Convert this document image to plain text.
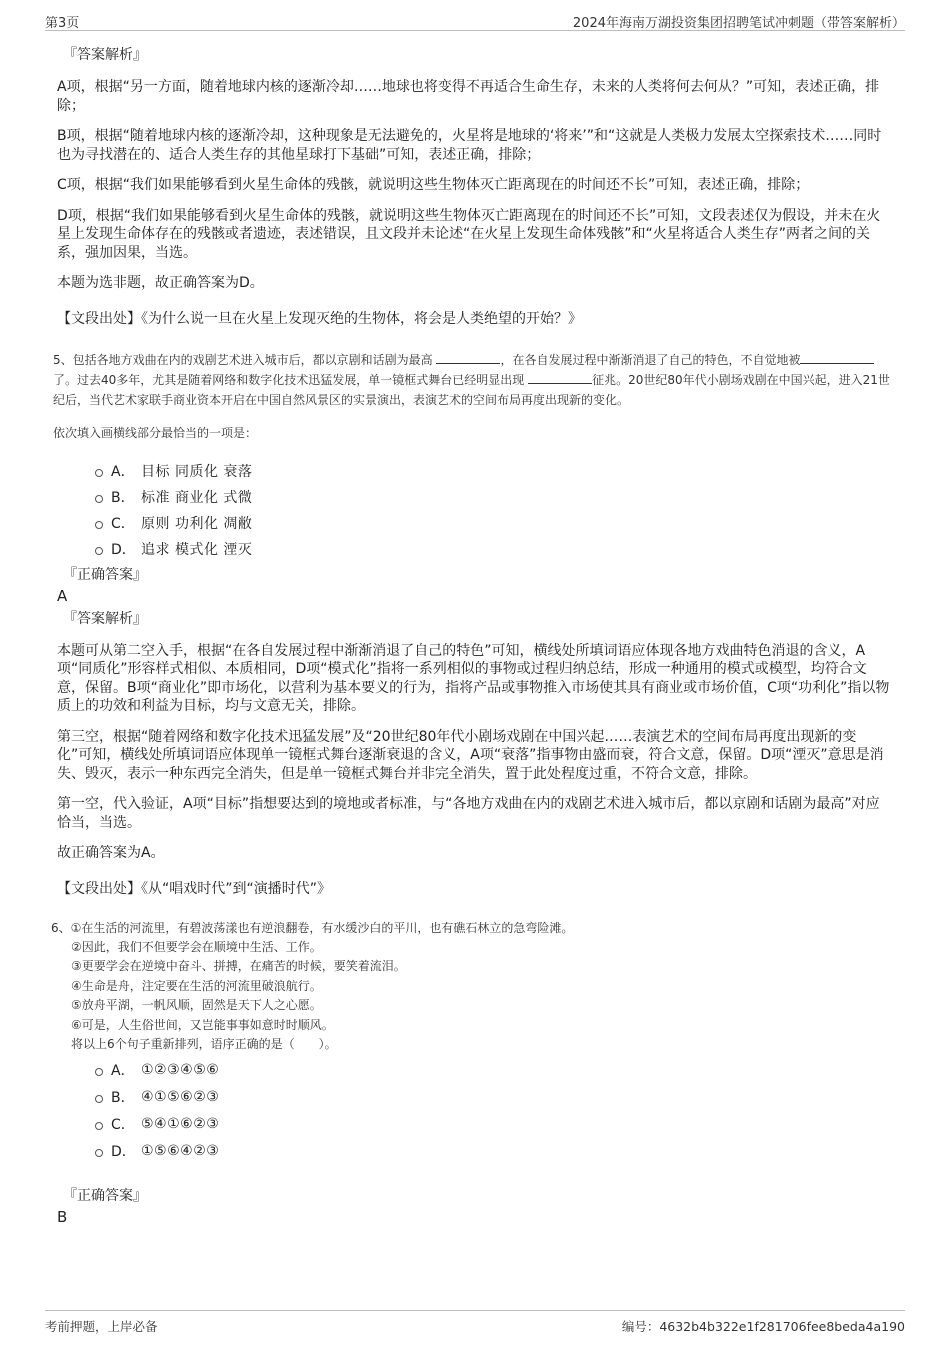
第3页	2024年海南万湖投资集团招聘笔试冲刺题（带答案解析）

『答案解析』

A项，根据“另一方面，随着地球内核的逐渐冷却……地球也将变得不再适合生命生存，未来的人类将何去何从？”可知，表述正确，排除；

B项，根据“随着地球内核的逐渐冷却，这种现象是无法避免的，火星将是地球的‘将来’”和“这就是人类极力发展太空探索技术……同时也为寻找潜在的、适合人类生存的其他星球打下基础”可知，表述正确，排除；

C项，根据“我们如果能够看到火星生命体的残骸，就说明这些生物体灭亡距离现在的时间还不长”可知，表述正确，排除；

D项，根据“我们如果能够看到火星生命体的残骸，就说明这些生物体灭亡距离现在的时间还不长”可知，文段表述仅为假设，并未在火星上发现生命体存在的残骸或者遗迹，表述错误，且文段并未论述“在火星上发现生命体残骸”和“火星将适合人类生存”两者之间的关系，强加因果，当选。

本题为选非题，故正确答案为D。

【文段出处】《为什么说一旦在火星上发现灭绝的生物体，将会是人类绝望的开始？》

5、包括各地方戏曲在内的戏剧艺术进入城市后，都以京剧和话剧为最高	，在各自发展过程中渐渐消退了自己的特色，不自觉地被了。过去40多年，尤其是随着网络和数字化技术迅猛发展，单一镜框式舞台已经明显出现	征兆。20世纪80年代小剧场戏剧在中国兴起，进入21世纪后，当代艺术家联手商业资本开启在中国自然风景区的实景演出，表演艺术的空间布局再度出现新的变化。

依次填入画横线部分最恰当的一项是：

A． 目标 同质化 衰落
B． 标准 商业化 式微
C． 原则 功利化 凋敝
D． 追求 模式化 湮灭

『正确答案』

A

『答案解析』

本题可从第二空入手，根据“在各自发展过程中渐渐消退了自己的特色”可知，横线处所填词语应体现各地方戏曲特色消退的含义，A项“同质化”形容样式相似、本质相同，D项“模式化”指将一系列相似的事物或过程归纳总结，形成一种通用的模式或模型，均符合文意，保留。B项“商业化”即市场化，以营利为基本要义的行为，指将产品或事物推入市场使其具有商业或市场价值，C项“功利化”指以物质上的功效和利益为目标，均与文意无关，排除。

第三空，根据“随着网络和数字化技术迅猛发展”及“20世纪80年代小剧场戏剧在中国兴起……表演艺术的空间布局再度出现新的变化”可知，横线处所填词语应体现单一镜框式舞台逐渐衰退的含义，A项“衰落”指事物由盛而衰，符合文意，保留。D项“湮灭”意思是消失、毁灭，表示一种东西完全消失，但是单一镜框式舞台并非完全消失，置于此处程度过重，不符合文意，排除。

第一空，代入验证，A项“目标”指想要达到的境地或者标准，与“各地方戏曲在内的戏剧艺术进入城市后，都以京剧和话剧为最高”对应恰当，当选。

故正确答案为A。

【文段出处】《从“唱戏时代”到“演播时代”》

6、①在生活的河流里，有碧波荡漾也有逆浪翻卷，有水缓沙白的平川，也有礁石林立的急弯险滩。

②因此，我们不但要学会在顺境中生活、工作。

③更要学会在逆境中奋斗、拼搏，在痛苦的时候，要笑着流泪。

④生命是舟，注定要在生活的河流里破浪航行。

⑤放舟平湖，一帆风顺，固然是天下人之心愿。

⑥可是，人生俗世间，又岂能事事如意时时顺风。

将以上6个句子重新排列，语序正确的是（　　）。

A． ①②③④⑤⑥
B． ④①⑤⑥②③
C． ⑤④①⑥②③
D． ①⑤⑥④②③

『正确答案』

B

考前押题，上岸必备	编号：4632b4b322e1f281706fee8beda4a190
